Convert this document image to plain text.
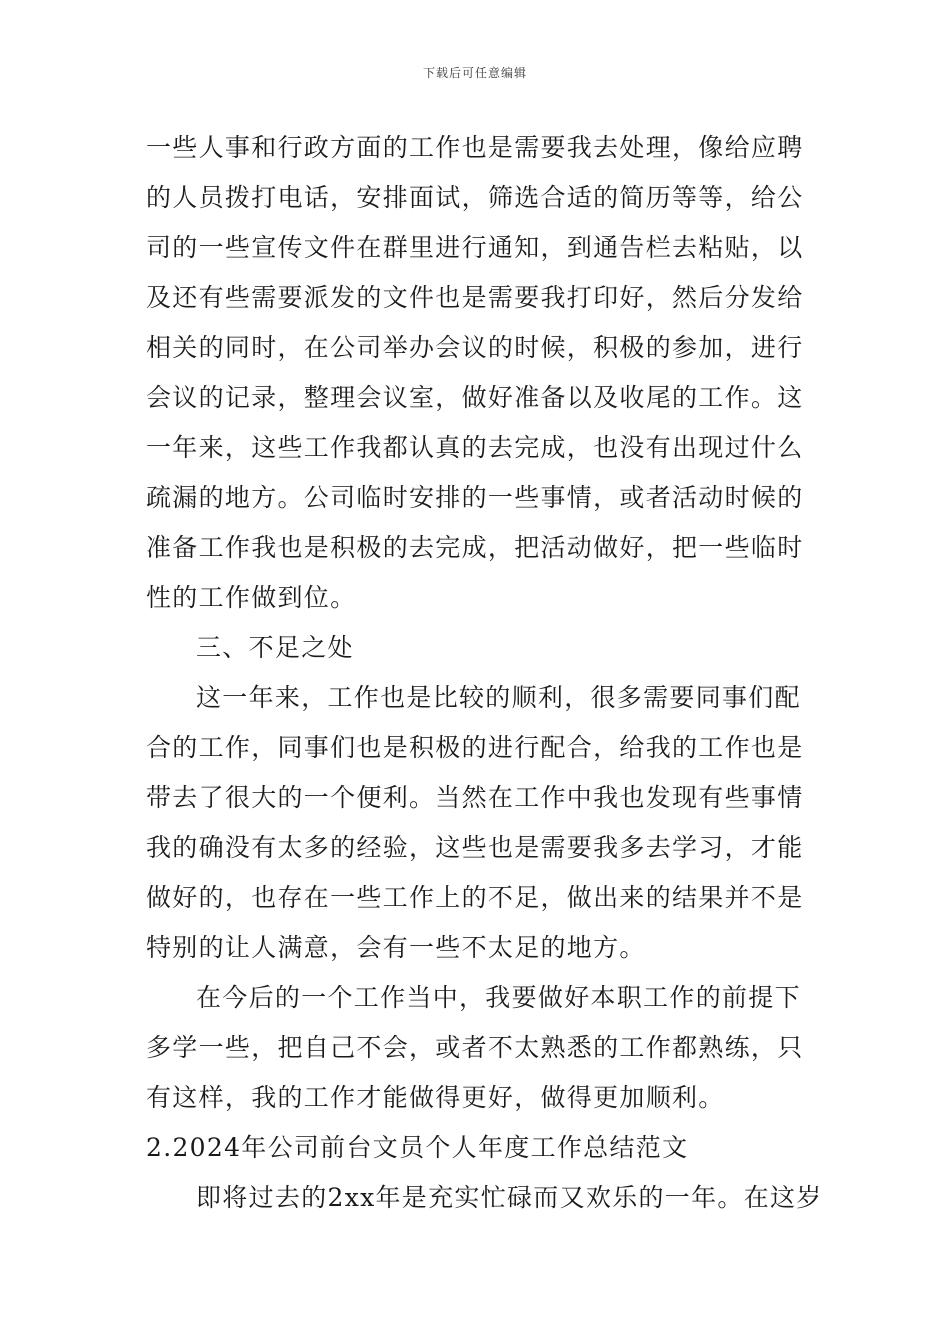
下载后可任意编辑
一些人事和行政方面的工作也是需要我去处理，像给应聘
的人员拨打电话，安排面试，筛选合适的简历等等，给公
司的一些宣传文件在群里进行通知，到通告栏去粘贴，以
及还有些需要派发的文件也是需要我打印好，然后分发给
相关的同时，在公司举办会议的时候，积极的参加，进行
会议的记录，整理会议室，做好准备以及收尾的工作。这
一年来，这些工作我都认真的去完成，也没有出现过什么
疏漏的地方。公司临时安排的一些事情，或者活动时候的
准备工作我也是积极的去完成，把活动做好，把一些临时
性的工作做到位。
三、不足之处
这一年来，工作也是比较的顺利，很多需要同事们配
合的工作，同事们也是积极的进行配合，给我的工作也是
带去了很大的一个便利。当然在工作中我也发现有些事情
我的确没有太多的经验，这些也是需要我多去学习，才能
做好的，也存在一些工作上的不足，做出来的结果并不是
特别的让人满意，会有一些不太足的地方。
在今后的一个工作当中，我要做好本职工作的前提下
多学一些，把自己不会，或者不太熟悉的工作都熟练，只
有这样，我的工作才能做得更好，做得更加顺利。
2.2024年公司前台文员个人年度工作总结范文
即将过去的2xx年是充实忙碌而又欢乐的一年。在这岁
